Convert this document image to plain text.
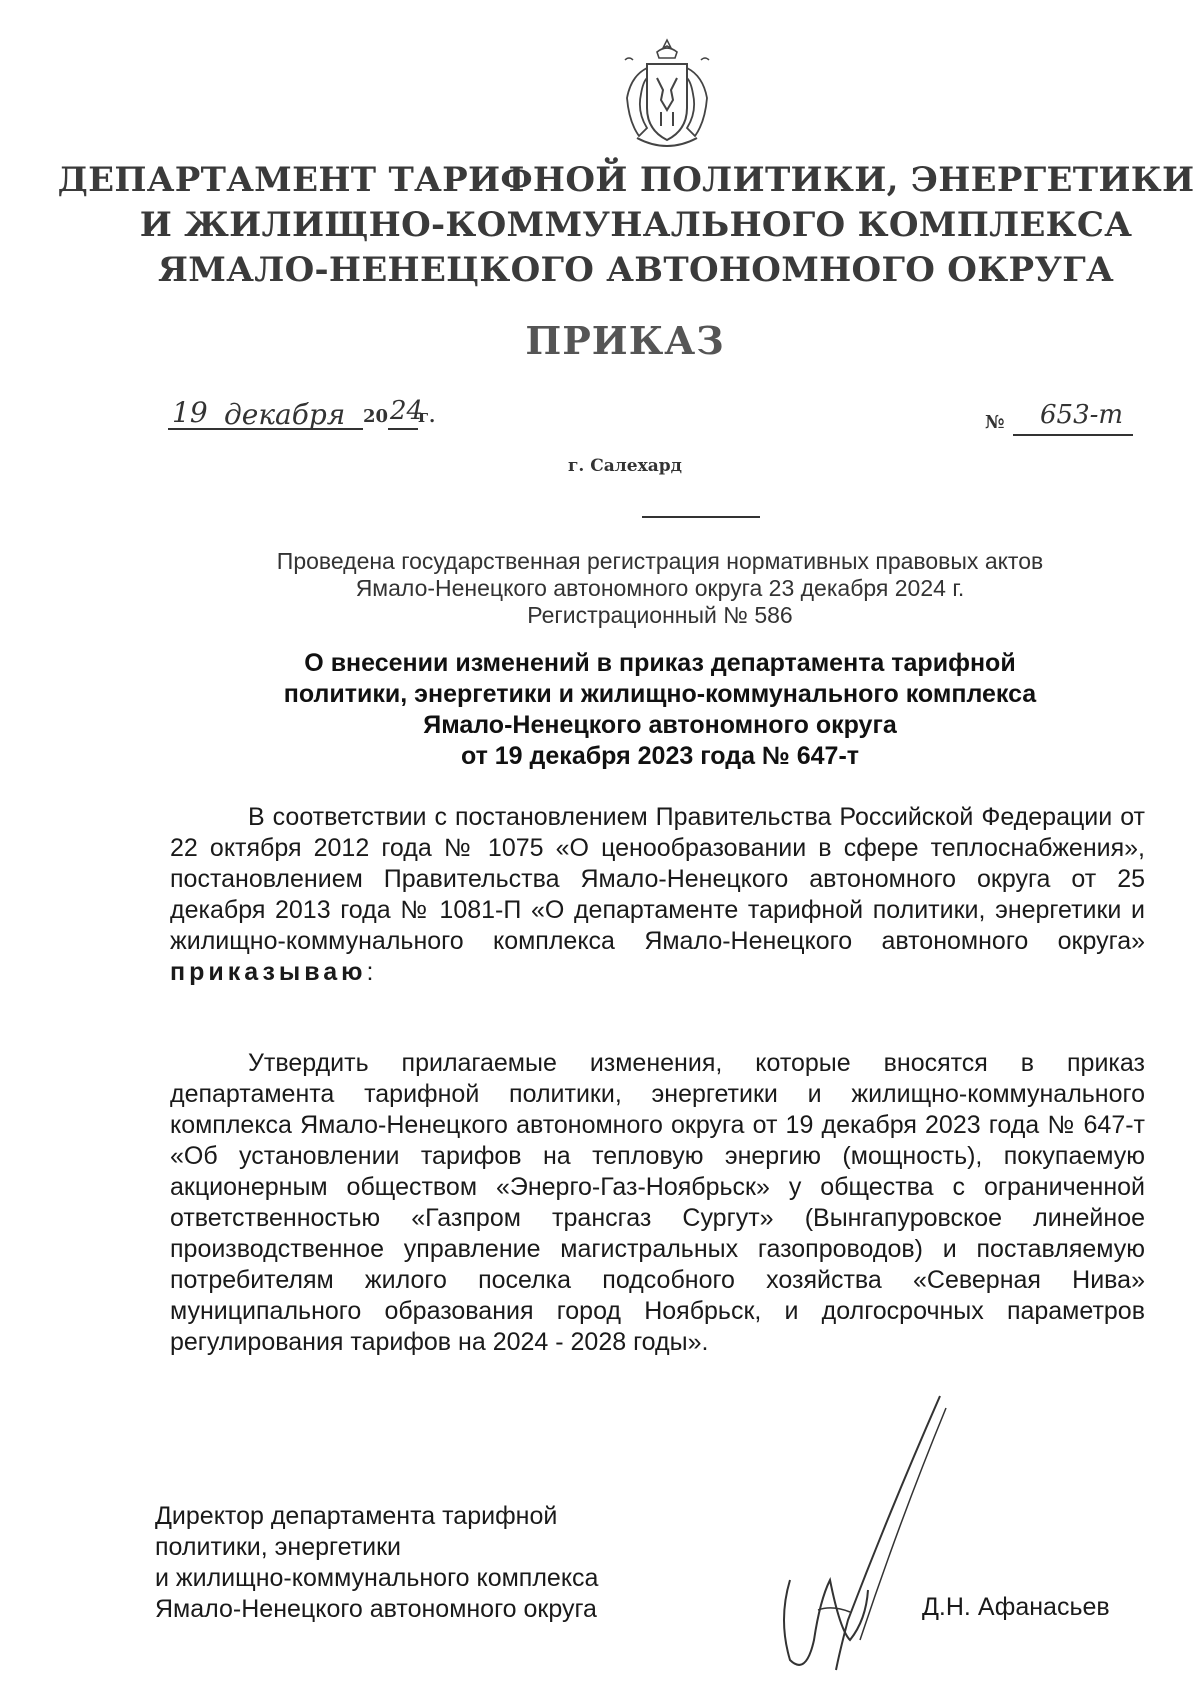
ДЕПАРТАМЕНТ ТАРИФНОЙ ПОЛИТИКИ, ЭНЕРГЕТИКИ
И ЖИЛИЩНО-КОММУНАЛЬНОГО КОМПЛЕКСА
ЯМАЛО-НЕНЕЦКОГО АВТОНОМНОГО ОКРУГА
ПРИКАЗ
19 декабря 20 24
г.	№ 653-т
г. Салехард
Проведена государственная регистрация нормативных правовых актов
Ямало-Ненецкого автономного округа 23 декабря 2024 г.
Регистрационный № 586
О внесении изменений в приказ департамента тарифной
политики, энергетики и жилищно-коммунального комплекса
Ямало-Ненецкого автономного округа
от 19 декабря 2023 года № 647-т
В соответствии с постановлением Правительства Российской Федерации от 22 октября 2012 года № 1075 «О ценообразовании в сфере теплоснабжения», постановлением Правительства Ямало-Ненецкого автономного округа от 25 декабря 2013 года № 1081-П «О департаменте тарифной политики, энергетики и жилищно-коммунального комплекса Ямало-Ненецкого автономного округа» приказываю:
Утвердить прилагаемые изменения, которые вносятся в приказ департамента тарифной политики, энергетики и жилищно-коммунального комплекса Ямало-Ненецкого автономного округа от 19 декабря 2023 года № 647-т «Об установлении тарифов на тепловую энергию (мощность), покупаемую акционерным обществом «Энерго-Газ-Ноябрьск» у общества с ограниченной ответственностью «Газпром трансгаз Сургут» (Вынгапуровское линейное производственное управление магистральных газопроводов) и поставляемую потребителям жилого поселка подсобного хозяйства «Северная Нива» муниципального образования город Ноябрьск, и долгосрочных параметров регулирования тарифов на 2024 - 2028 годы».
Директор департамента тарифной
политики, энергетики
и жилищно-коммунального комплекса
Ямало-Ненецкого автономного округа	Д.Н. Афанасьев
